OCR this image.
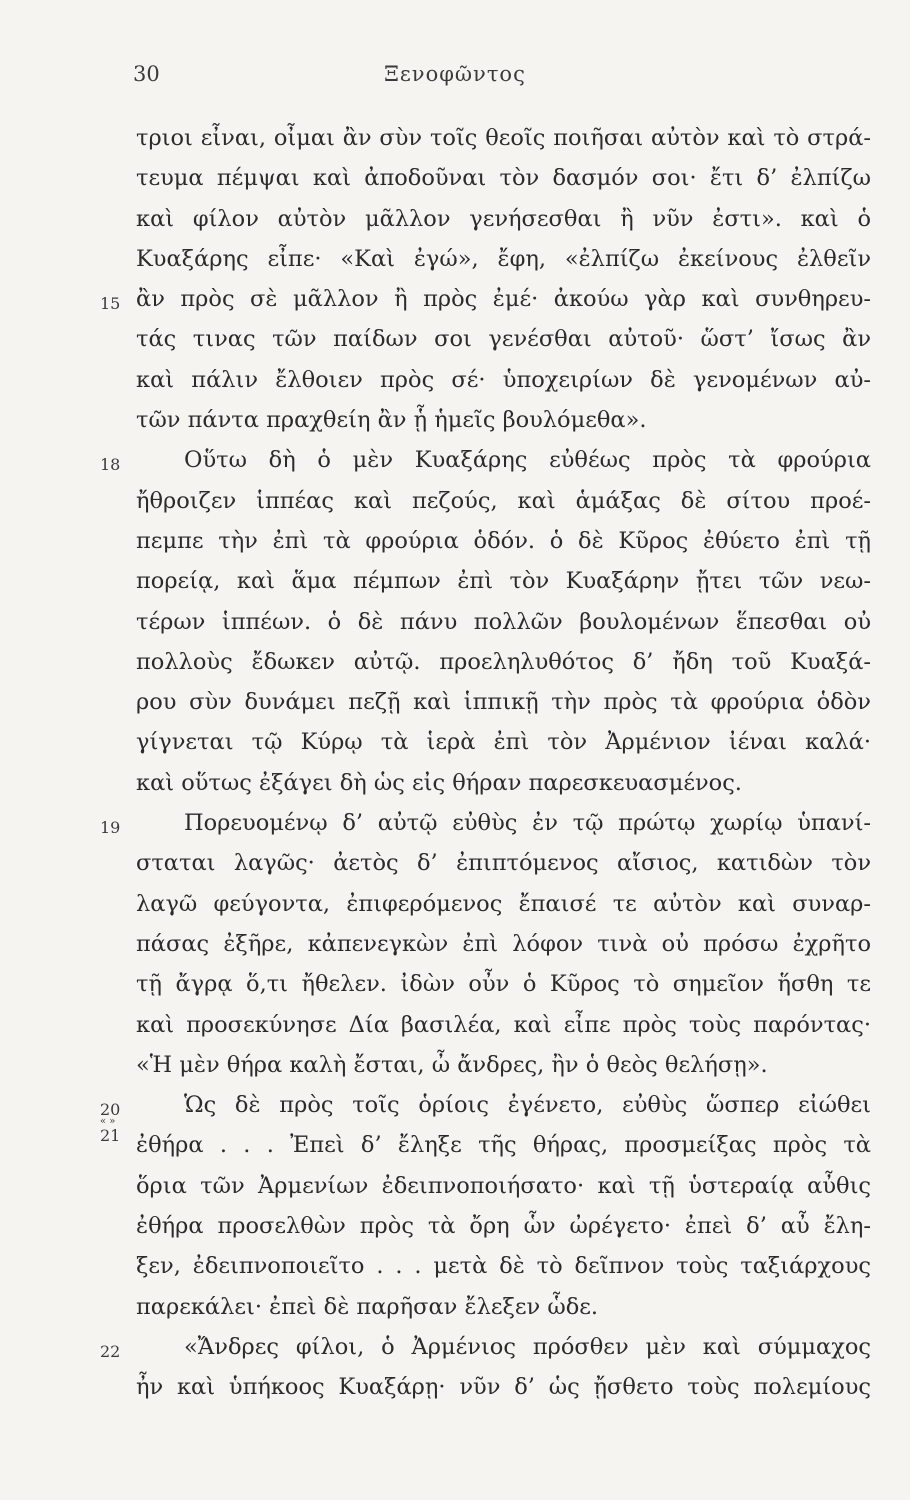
30	Ξενοφῶντος
τριοι εἶναι, οἶμαι ἂν σὺν τοῖς θεοῖς ποιῆσαι αὐτὸν καὶ τὸ στρά-
τευμα πέμψαι καὶ ἀποδοῦναι τὸν δασμόν σοι· ἔτι δ’ ἐλπίζω
καὶ φίλον αὐτὸν μᾶλλον γενήσεσθαι ἢ νῦν ἐστι». καὶ ὁ
Κυαξάρης εἶπε· «Καὶ ἐγώ», ἔφη, «ἐλπίζω ἐκείνους ἐλθεῖν
15 ἂν πρὸς σὲ μᾶλλον ἢ πρὸς ἐμέ· ἀκούω γὰρ καὶ συνθηρευ-
τάς τινας τῶν παίδων σοι γενέσθαι αὐτοῦ· ὥστ’ ἴσως ἂν
καὶ πάλιν ἔλθοιεν πρὸς σέ· ὑποχειρίων δὲ γενομένων αὐ-
τῶν πάντα πραχθείη ἂν ᾗ ἡμεῖς βουλόμεθα».
18	Οὕτω δὴ ὁ μὲν Κυαξάρης εὐθέως πρὸς τὰ φρούρια
ἤθροιζεν ἱππέας καὶ πεζούς, καὶ ἁμάξας δὲ σίτου προέ-
πεμπε τὴν ἐπὶ τὰ φρούρια ὁδόν. ὁ δὲ Κῦρος ἐθύετο ἐπὶ τῇ
πορείᾳ, καὶ ἅμα πέμπων ἐπὶ τὸν Κυαξάρην ᾔτει τῶν νεω-
τέρων ἱππέων. ὁ δὲ πάνυ πολλῶν βουλομένων ἕπεσθαι οὐ
πολλοὺς ἔδωκεν αὐτῷ. προεληλυθότος δ’ ἤδη τοῦ Κυαξά-
ρου σὺν δυνάμει πεζῇ καὶ ἱππικῇ τὴν πρὸς τὰ φρούρια ὁδὸν
γίγνεται τῷ Κύρῳ τὰ ἱερὰ ἐπὶ τὸν Ἀρμένιον ἰέναι καλά·
καὶ οὕτως ἐξάγει δὴ ὡς εἰς θήραν παρεσκευασμένος.
19	Πορευομένῳ δ’ αὐτῷ εὐθὺς ἐν τῷ πρώτῳ χωρίῳ ὑπανί-
σταται λαγῶς· ἀετὸς δ’ ἐπιπτόμενος αἴσιος, κατιδὼν τὸν
λαγῶ φεύγοντα, ἐπιφερόμενος ἔπαισέ τε αὐτὸν καὶ συναρ-
πάσας ἐξῆρε, κἀπενεγκὼν ἐπὶ λόφον τινὰ οὐ πρόσω ἐχρῆτο
τῇ ἄγρᾳ ὅ,τι ἤθελεν. ἰδὼν οὖν ὁ Κῦρος τὸ σημεῖον ἥσθη τε
καὶ προσεκύνησε Δία βασιλέα, καὶ εἶπε πρὸς τοὺς παρόντας·
«Ἡ μὲν θήρα καλὴ ἔσται, ὦ ἄνδρες, ἢν ὁ θεὸς θελήσῃ».
20	Ὡς δὲ πρὸς τοῖς ὁρίοις ἐγένετο, εὐθὺς ὥσπερ εἰώθει
« »
21 ἐθήρα . . . Ἐπεὶ δ’ ἔληξε τῆς θήρας, προσμείξας πρὸς τὰ
ὅρια τῶν Ἀρμενίων ἐδειπνοποιήσατο· καὶ τῇ ὑστεραίᾳ αὖθις
ἐθήρα προσελθὼν πρὸς τὰ ὄρη ὧν ὠρέγετο· ἐπεὶ δ’ αὖ ἔλη-
ξεν, ἐδειπνοποιεῖτο . . . μετὰ δὲ τὸ δεῖπνον τοὺς ταξιάρχους
παρεκάλει· ἐπεὶ δὲ παρῆσαν ἔλεξεν ὧδε.
22	«Ἄνδρες φίλοι, ὁ Ἀρμένιος πρόσθεν μὲν καὶ σύμμαχος
ἦν καὶ ὑπήκοος Κυαξάρῃ· νῦν δ’ ὡς ᾔσθετο τοὺς πολεμίους
